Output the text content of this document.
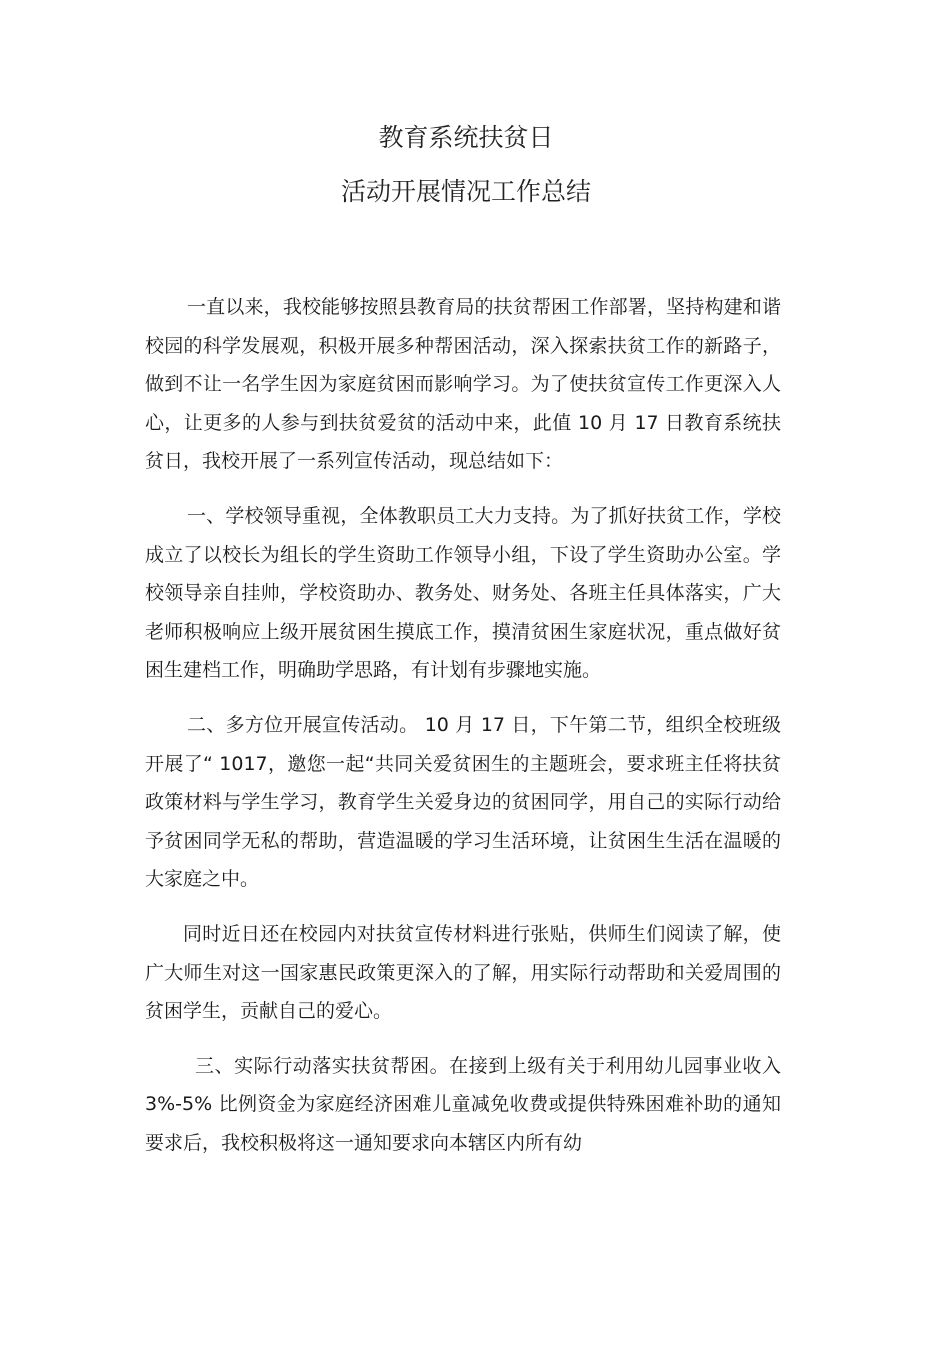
教育系统扶贫日
活动开展情况工作总结

一直以来，我校能够按照县教育局的扶贫帮困工作部署，坚持构建和谐校园的科学发展观，积极开展多种帮困活动，深入探索扶贫工作的新路子，做到不让一名学生因为家庭贫困而影响学习。为了使扶贫宣传工作更深入人心，让更多的人参与到扶贫爱贫的活动中来，此值 10 月 17 日教育系统扶贫日，我校开展了一系列宣传活动，现总结如下：

一、学校领导重视，全体教职员工大力支持。为了抓好扶贫工作，学校成立了以校长为组长的学生资助工作领导小组，下设了学生资助办公室。学校领导亲自挂帅，学校资助办、教务处、财务处、各班主任具体落实，广大老师积极响应上级开展贫困生摸底工作，摸清贫困生家庭状况，重点做好贫困生建档工作，明确助学思路，有计划有步骤地实施。

二、多方位开展宣传活动。 10 月 17 日，下午第二节，组织全校班级开展了“ 1017，邀您一起“共同关爱贫困生的主题班会，要求班主任将扶贫政策材料与学生学习，教育学生关爱身边的贫困同学，用自己的实际行动给予贫困同学无私的帮助，营造温暖的学习生活环境，让贫困生生活在温暖的大家庭之中。

同时近日还在校园内对扶贫宣传材料进行张贴，供师生们阅读了解，使广大师生对这一国家惠民政策更深入的了解，用实际行动帮助和关爱周围的贫困学生，贡献自己的爱心。

三、实际行动落实扶贫帮困。在接到上级有关于利用幼儿园事业收入 3%-5% 比例资金为家庭经济困难儿童减免收费或提供特殊困难补助的通知要求后，我校积极将这一通知要求向本辖区内所有幼
